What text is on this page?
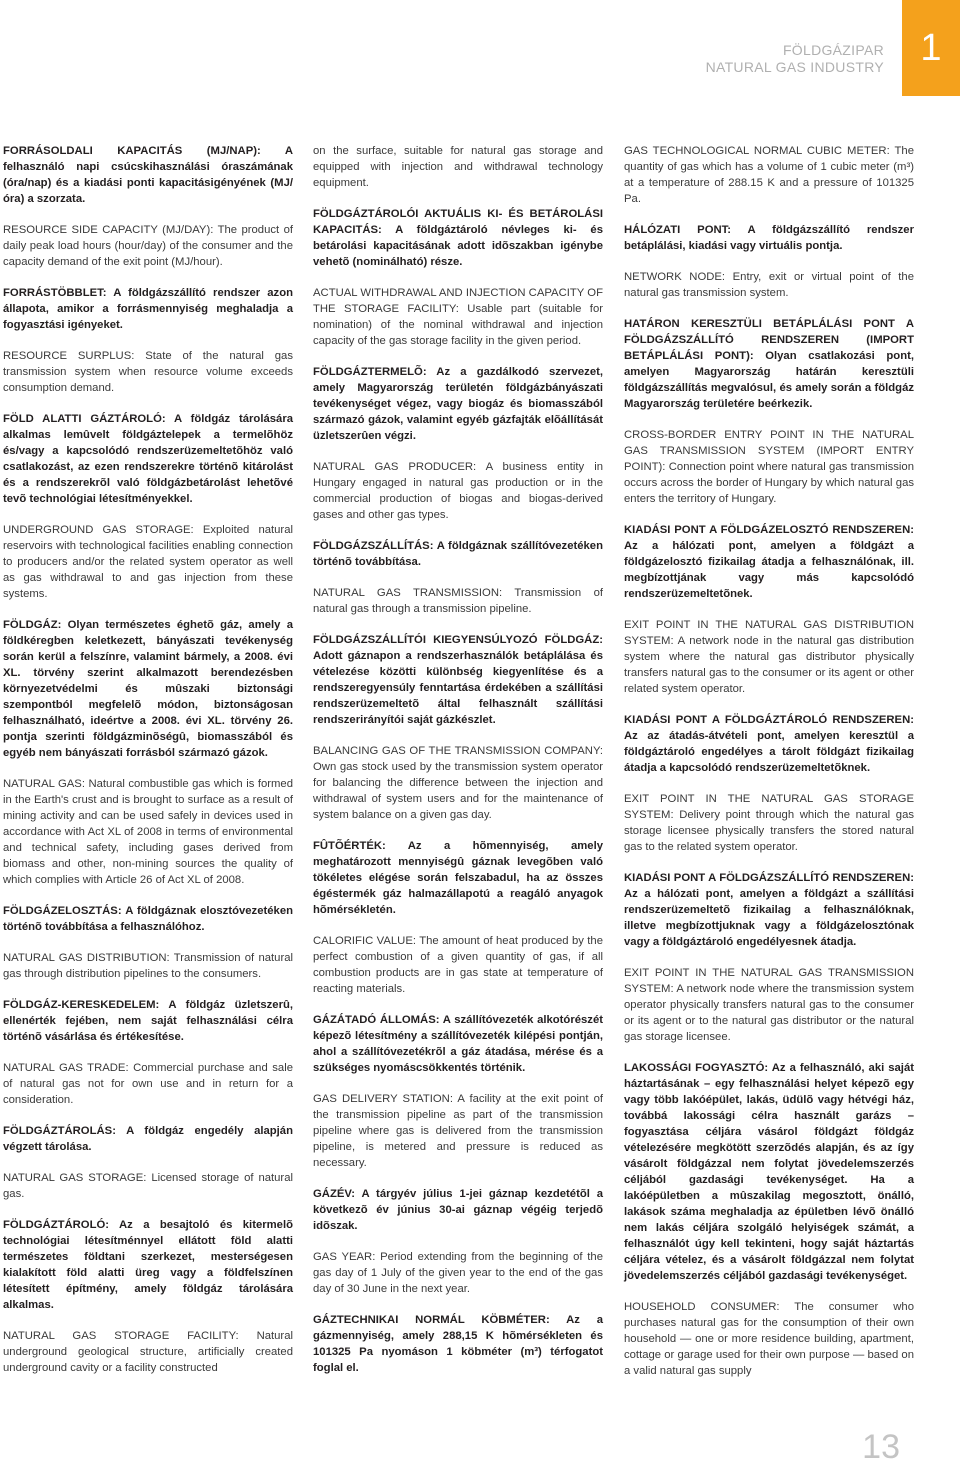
FÖLDGÁZIPAR
NATURAL GAS INDUSTRY 1

FORRÁSOLDALI KAPACITÁS (MJ/NAP): A felhasználó napi csúcskihasználási óraszámának (óra/nap) és a kiadási ponti kapacitásigényének (MJ/óra) a szorzata.

RESOURCE SIDE CAPACITY (MJ/DAY): The product of daily peak load hours (hour/day) of the consumer and the capacity demand of the exit point (MJ/hour).

FORRÁSTÖBBLET: A földgázszállító rendszer azon állapota, amikor a forrásmennyiség meghaladja a fogyasztási igényeket.

RESOURCE SURPLUS: State of the natural gas transmission system when resource volume exceeds consumption demand.

FÖLD ALATTI GÁZTÁROLÓ: A földgáz tárolására alkalmas lemûvelt földgáztelepek a termelõhöz és/vagy a kapcsolódó rendszerüzemeltetõhöz való csatlakozást, az ezen rendszerekre történõ kitárolást és a rendszerekrõl való földgázbetárolást lehetõvé tevõ technológiai létesítményekkel.

UNDERGROUND GAS STORAGE: Exploited natural reservoirs with technological facilities enabling connection to producers and/or the related system operator as well as gas withdrawal to and gas injection from these systems.

FÖLDGÁZ: Olyan természetes éghetõ gáz, amely a földkéregben keletkezett, bányászati tevékenység során kerül a felszínre, valamint bármely, a 2008. évi XL. törvény szerint alkalmazott berendezésben környezetvédelmi és mûszaki biztonsági szempontból megfelelõ módon, biztonságosan felhasználható, ideértve a 2008. évi XL. törvény 26. pontja szerinti földgázminõségû, biomasszából és egyéb nem bányászati forrásból származó gázok.

NATURAL GAS: Natural combustible gas which is formed in the Earth's crust and is brought to surface as a result of mining activity and can be used safely in devices used in accordance with Act XL of 2008 in terms of environmental and technical safety, including gases derived from biomass and other, non-mining sources the quality of which complies with Article 26 of Act XL of 2008.

FÖLDGÁZELOSZTÁS: A földgáznak elosztóvezetéken történõ továbbítása a felhasználóhoz.

NATURAL GAS DISTRIBUTION: Transmission of natural gas through distribution pipelines to the consumers.

FÖLDGÁZ-KERESKEDELEM: A földgáz üzletszerû, ellenérték fejében, nem saját felhasználási célra történõ vásárlása és értékesítése.

NATURAL GAS TRADE: Commercial purchase and sale of natural gas not for own use and in return for a consideration.

FÖLDGÁZTÁROLÁS: A földgáz engedély alapján végzett tárolása.

NATURAL GAS STORAGE: Licensed storage of natural gas.

FÖLDGÁZTÁROLÓ: Az a besajtoló és kitermelõ technológiai létesítménnyel ellátott föld alatti természetes földtani szerkezet, mesterségesen kialakított föld alatti üreg vagy a földfelszínen létesített építmény, amely földgáz tárolására alkalmas.

NATURAL GAS STORAGE FACILITY: Natural underground geological structure, artificially created underground cavity or a facility constructed

on the surface, suitable for natural gas storage and equipped with injection and withdrawal technology equipment.

FÖLDGÁZTÁROLÓI AKTUÁLIS KI- ÉS BETÁROLÁSI KAPACITÁS: A földgáztároló névleges ki- és betárolási kapacitásának adott idõszakban igénybe vehetõ (nominálható) része.

ACTUAL WITHDRAWAL AND INJECTION CAPACITY OF THE STORAGE FACILITY: Usable part (suitable for nomination) of the nominal withdrawal and injection capacity of the gas storage facility in the given period.

FÖLDGÁZTERMELÕ: Az a gazdálkodó szervezet, amely Magyarország területén földgázbányászati tevékenységet végez, vagy biogáz és biomasszából származó gázok, valamint egyéb gázfajták elõállítását üzletszerûen végzi.

NATURAL GAS PRODUCER: A business entity in Hungary engaged in natural gas production or in the commercial production of biogas and biogas-derived gases and other gas types.

FÖLDGÁZSZÁLLÍTÁS: A földgáznak szállítóvezetéken történõ továbbítása.

NATURAL GAS TRANSMISSION: Transmission of natural gas through a transmission pipeline.

FÖLDGÁZSZÁLLÍTÓI KIEGYENSÚLYOZÓ FÖLDGÁZ: Adott gáznapon a rendszerhasználók betáplálása és vételezése közötti különbség kiegyenlítése és a rendszeregyensúly fenntartása érdekében a szállítási rendszerüzemeltetõ által felhasznált szállítási rendszerirányítói saját gázkészlet.

BALANCING GAS OF THE TRANSMISSION COMPANY: Own gas stock used by the transmission system operator for balancing the difference between the injection and withdrawal of system users and for the maintenance of system balance on a given gas day.

FÛTÕÉRTÉK: Az a hõmennyiség, amely meghatározott mennyiségû gáznak levegõben való tökéletes elégése során felszabadul, ha az összes égéstermék gáz halmazállapotú a reagáló anyagok hõmérsékletén.

CALORIFIC VALUE: The amount of heat produced by the perfect combustion of a given quantity of gas, if all combustion products are in gas state at temperature of reacting materials.

GÁZÁTADÓ ÁLLOMÁS: A szállítóvezeték alkotórészét képezõ létesítmény a szállítóvezeték kilépési pontján, ahol a szállítóvezetékrõl a gáz átadása, mérése és a szükséges nyomáscsökkentés történik.

GAS DELIVERY STATION: A facility at the exit point of the transmission pipeline as part of the transmission pipeline where gas is delivered from the transmission pipeline, is metered and pressure is reduced as necessary.

GÁZÉV: A tárgyév július 1-jei gáznap kezdetétõl a következõ év június 30-ai gáznap végéig terjedõ idõszak.

GAS YEAR: Period extending from the beginning of the gas day of 1 July of the given year to the end of the gas day of 30 June in the next year.

GÁZTECHNIKAI NORMÁL KÖBMÉTER: Az a gázmennyiség, amely 288,15 K hõmérsékleten és 101325 Pa nyomáson 1 köbméter (m³) térfogatot foglal el.

GAS TECHNOLOGICAL NORMAL CUBIC METER: The quantity of gas which has a volume of 1 cubic meter (m³) at a temperature of 288.15 K and a pressure of 101325 Pa.

HÁLÓZATI PONT: A földgázszállító rendszer betáplálási, kiadási vagy virtuális pontja.

NETWORK NODE: Entry, exit or virtual point of the natural gas transmission system.

HATÁRON KERESZTÜLI BETÁPLÁLÁSI PONT A FÖLDGÁZSZÁLLÍTÓ RENDSZEREN (IMPORT BETÁPLÁLÁSI PONT): Olyan csatlakozási pont, amelyen Magyarország határán keresztüli földgázszállítás megvalósul, és amely során a földgáz Magyarország területére beérkezik.

CROSS-BORDER ENTRY POINT IN THE NATURAL GAS TRANSMISSION SYSTEM (IMPORT ENTRY POINT): Connection point where natural gas transmission occurs across the border of Hungary by which natural gas enters the territory of Hungary.

KIADÁSI PONT A FÖLDGÁZELOSZTÓ RENDSZEREN: Az a hálózati pont, amelyen a földgázt a földgázelosztó fizikailag átadja a felhasználónak, ill. megbízottjának vagy más kapcsolódó rendszerüzemeltetõnek.

EXIT POINT IN THE NATURAL GAS DISTRIBUTION SYSTEM: A network node in the natural gas distribution system where the natural gas distributor physically transfers natural gas to the consumer or its agent or other related system operator.

KIADÁSI PONT A FÖLDGÁZTÁROLÓ RENDSZEREN: Az az átadás-átvételi pont, amelyen keresztül a földgáztároló engedélyes a tárolt földgázt fizikailag átadja a kapcsolódó rendszerüzemeltetõknek.

EXIT POINT IN THE NATURAL GAS STORAGE SYSTEM: Delivery point through which the natural gas storage licensee physically transfers the stored natural gas to the related system operator.

KIADÁSI PONT A FÖLDGÁZSZÁLLÍTÓ RENDSZEREN: Az a hálózati pont, amelyen a földgázt a szállítási rendszerüzemeltetõ fizikailag a felhasználóknak, illetve megbízottjuknak vagy a földgázelosztónak vagy a földgáztároló engedélyesnek átadja.

EXIT POINT IN THE NATURAL GAS TRANSMISSION SYSTEM: A network node where the transmission system operator physically transfers natural gas to the consumer or its agent or to the natural gas distributor or the natural gas storage licensee.

LAKOSSÁGI FOGYASZTÓ: Az a felhasználó, aki saját háztartásának – egy felhasználási helyet képezõ egy vagy több lakóépület, lakás, üdülõ vagy hétvégi ház, továbbá lakossági célra használt garázs – fogyasztása céljára vásárol földgázt földgáz vételezésére megkötött szerzõdés alapján, és az így vásárolt földgázzal nem folytat jövedelemszerzés céljából gazdasági tevékenységet. Ha a lakóépületben a mûszakilag megosztott, önálló, lakások száma meghaladja az épületben lévõ önálló nem lakás céljára szolgáló helyiségek számát, a felhasználót úgy kell tekinteni, hogy saját háztartás céljára vételez, és a vásárolt földgázzal nem folytat jövedelemszerzés céljából gazdasági tevékenységet.

HOUSEHOLD CONSUMER: The consumer who purchases natural gas for the consumption of their own household — one or more residence building, apartment, cottage or garage used for their own purpose — based on a valid natural gas supply

13
